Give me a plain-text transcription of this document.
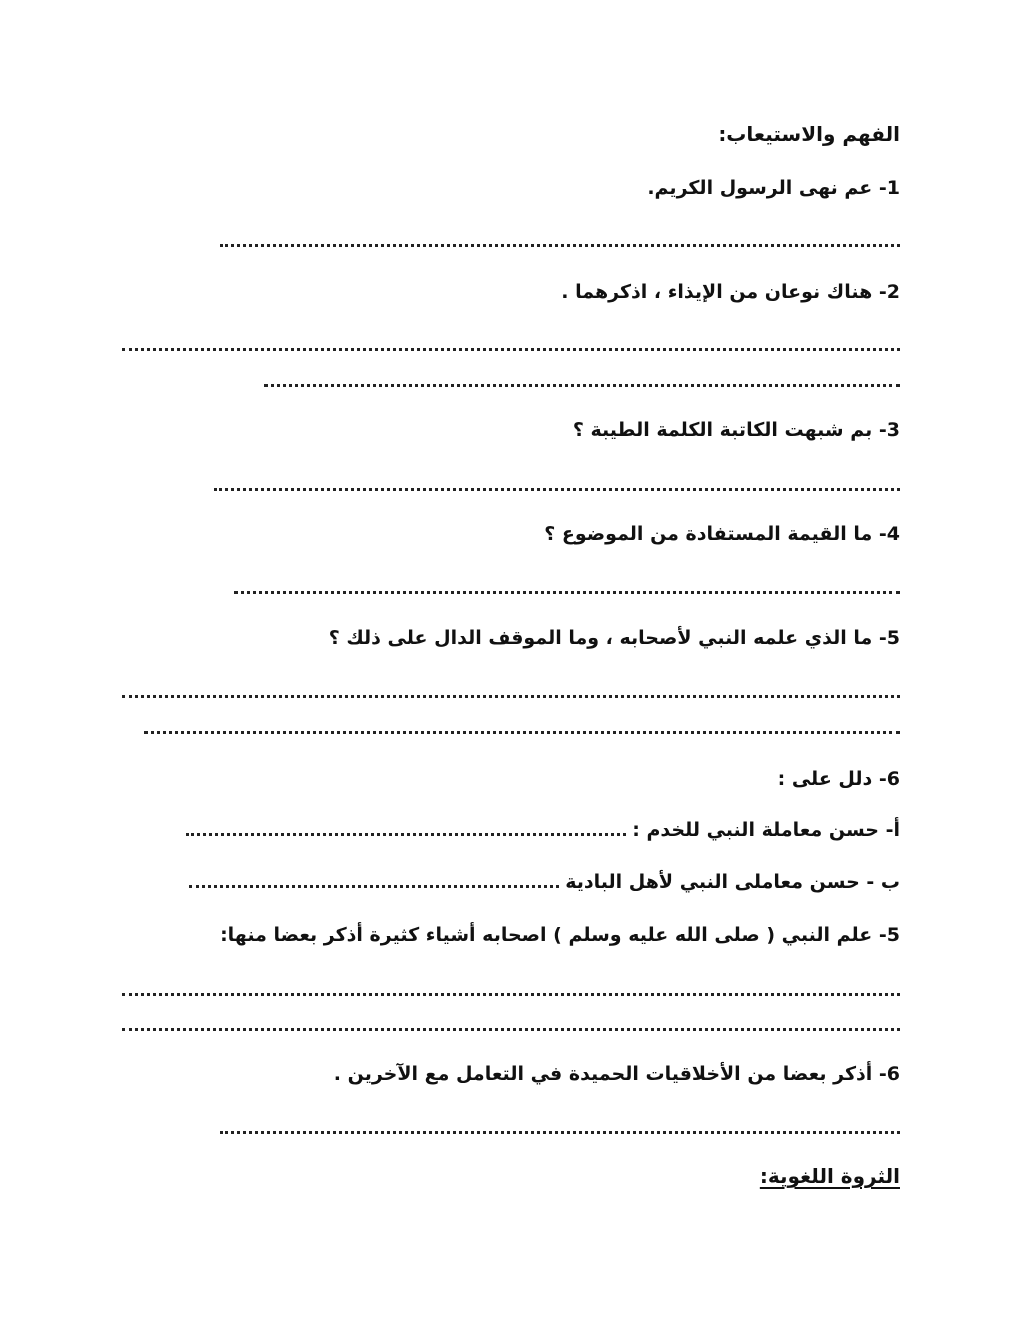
الفهم والاستيعاب:
1- عم نهى الرسول الكريم.
2- هناك نوعان من الإيذاء ، اذكرهما .
3- بم شبهت الكاتبة الكلمة الطيبة ؟
4- ما القيمة المستفادة من الموضوع ؟
5- ما الذي علمه النبي لأصحابه ، وما الموقف الدال على ذلك ؟
6- دلل على :
أ- حسن معاملة النبي للخدم :
ب - حسن معاملى النبي لأهل البادية
5- علم النبي ( صلى الله عليه وسلم ) اصحابه أشياء كثيرة أذكر بعضا منها:
6- أذكر بعضا من الأخلاقيات الحميدة في التعامل مع الآخرين .
الثروة اللغوية:
